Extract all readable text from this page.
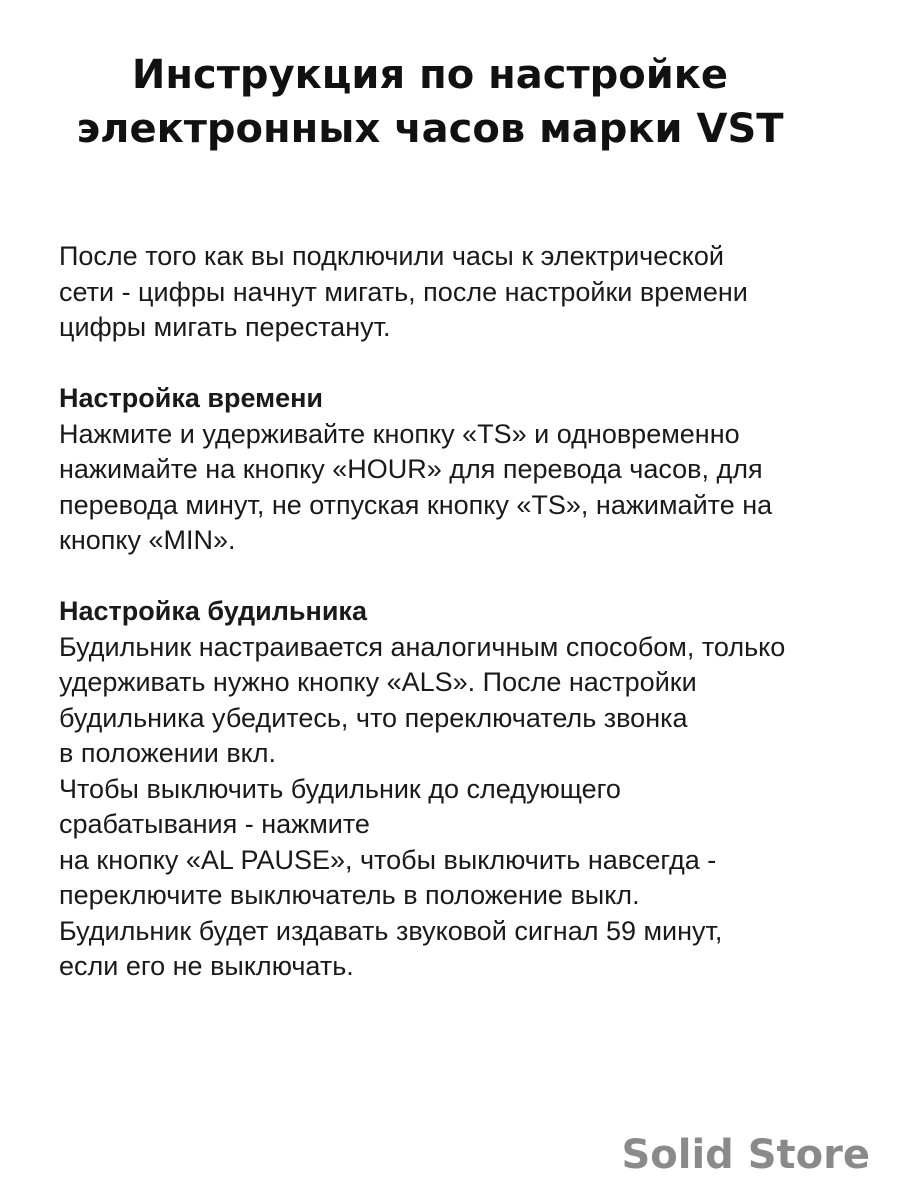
Инструкция по настройке
электронных часов марки VST

После того как вы подключили часы к электрической
сети - цифры начнут мигать, после настройки времени
цифры мигать перестанут.

Настройка времени
Нажмите и удерживайте кнопку «TS» и одновременно
нажимайте на кнопку «HOUR» для перевода часов, для
перевода минут, не отпуская кнопку «TS», нажимайте на
кнопку «MIN».

Настройка будильника
Будильник настраивается аналогичным способом, только
удерживать нужно кнопку «ALS». После настройки
будильника убедитесь, что переключатель звонка
в положении вкл.
Чтобы выключить будильник до следующего
срабатывания - нажмите
на кнопку «AL PAUSE», чтобы выключить навсегда -
переключите выключатель в положение выкл.
Будильник будет издавать звуковой сигнал 59 минут,
если его не выключать.

Solid Store
